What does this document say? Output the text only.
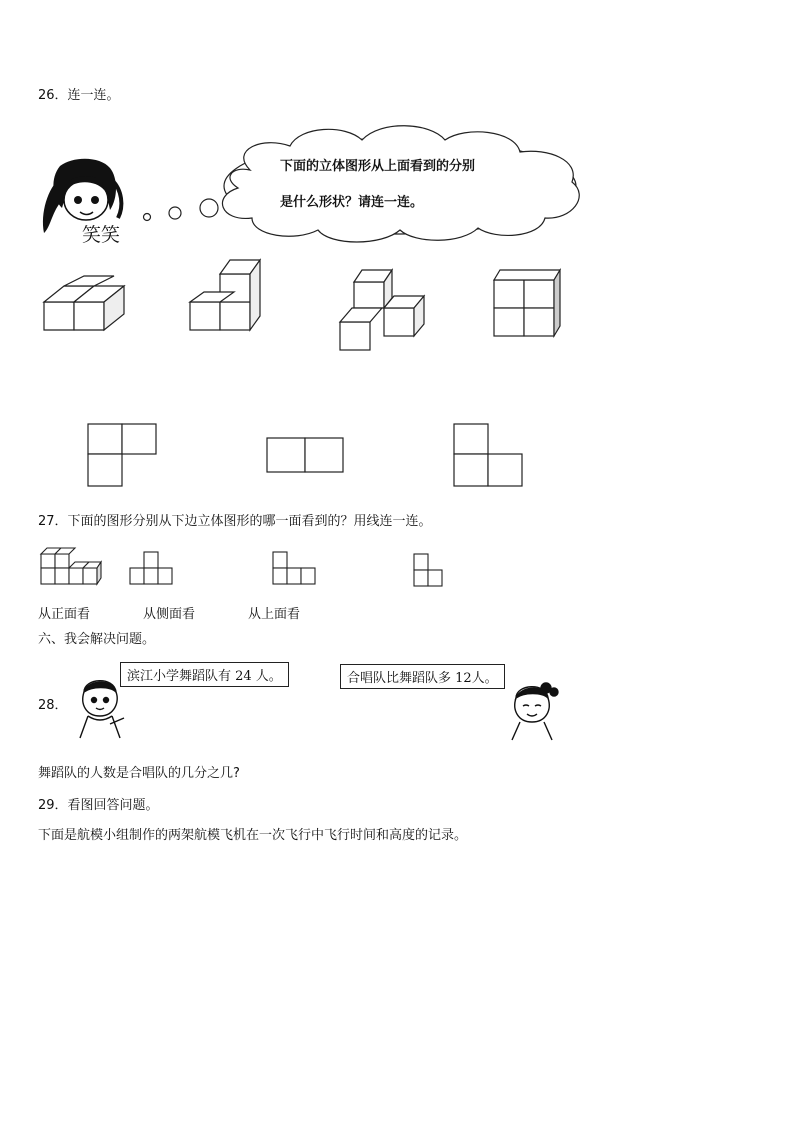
26．连一连。
下面的立体图形从上面看到的分别
是什么形状？请连一连。
笑笑
27．下面的图形分别从下边立体图形的哪一面看到的？用线连一连。
从正面看	从侧面看	从上面看
六、我会解决问题。
28．
滨江小学舞蹈队有 24 人。	合唱队比舞蹈队多 12人。
舞蹈队的人数是合唱队的几分之几?
29．看图回答问题。
下面是航模小组制作的两架航模飞机在一次飞行中飞行时间和高度的记录。
